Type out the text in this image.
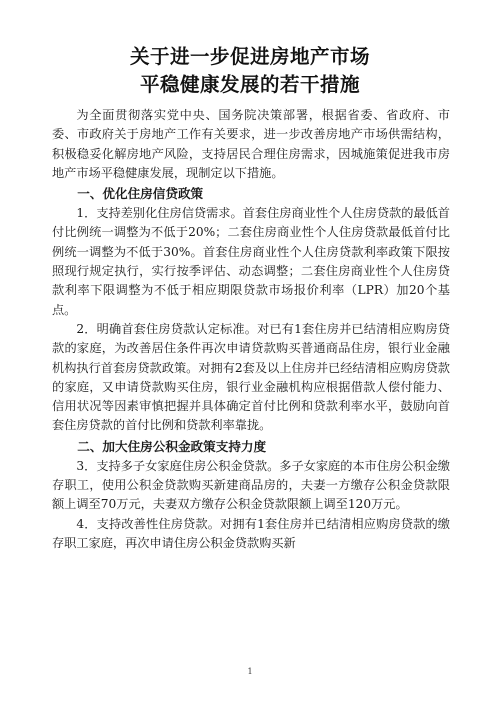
关于进一步促进房地产市场
平稳健康发展的若干措施

为全面贯彻落实党中央、国务院决策部署，根据省委、省政府、市委、市政府关于房地产工作有关要求，进一步改善房地产市场供需结构，积极稳妥化解房地产风险，支持居民合理住房需求，因城施策促进我市房地产市场平稳健康发展，现制定以下措施。

一、优化住房信贷政策

1．支持差别化住房信贷需求。首套住房商业性个人住房贷款的最低首付比例统一调整为不低于20%；二套住房商业性个人住房贷款最低首付比例统一调整为不低于30%。首套住房商业性个人住房贷款利率政策下限按照现行规定执行，实行按季评估、动态调整；二套住房商业性个人住房贷款利率下限调整为不低于相应期限贷款市场报价利率（LPR）加20个基点。

2．明确首套住房贷款认定标准。对已有1套住房并已结清相应购房贷款的家庭，为改善居住条件再次申请贷款购买普通商品住房，银行业金融机构执行首套房贷款政策。对拥有2套及以上住房并已经结清相应购房贷款的家庭，又申请贷款购买住房，银行业金融机构应根据借款人偿付能力、信用状况等因素审慎把握并具体确定首付比例和贷款利率水平，鼓励向首套住房贷款的首付比例和贷款利率靠拢。

二、加大住房公积金政策支持力度

3．支持多子女家庭住房公积金贷款。多子女家庭的本市住房公积金缴存职工，使用公积金贷款购买新建商品房的，夫妻一方缴存公积金贷款限额上调至70万元，夫妻双方缴存公积金贷款限额上调至120万元。

4．支持改善性住房贷款。对拥有1套住房并已结清相应购房贷款的缴存职工家庭，再次申请住房公积金贷款购买新

1
